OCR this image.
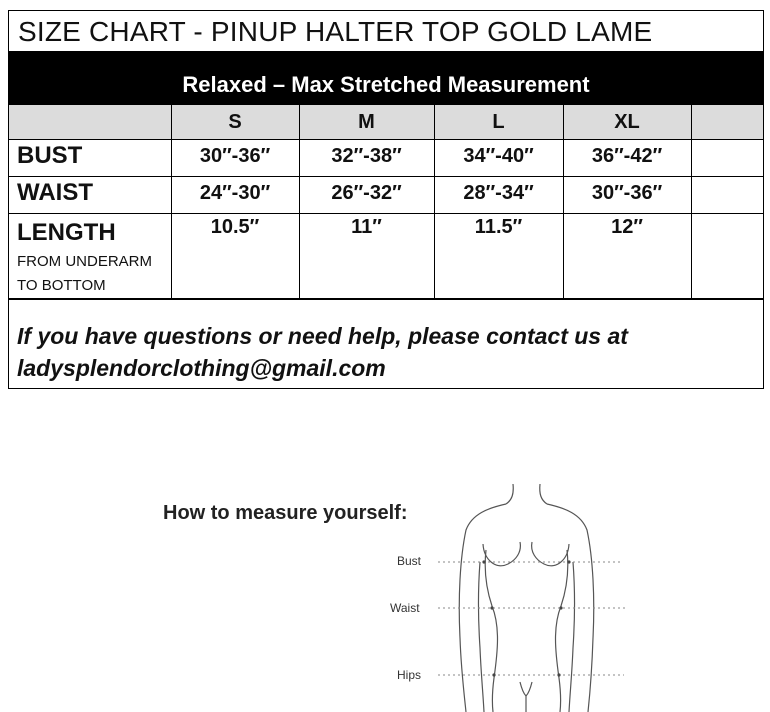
SIZE CHART - PINUP HALTER TOP GOLD LAME
Relaxed – Max Stretched Measurement
	S	M	L	XL	
BUST	30″-36″	32″-38″	34″-40″	36″-42″	
WAIST	24″-30″	26″-32″	28″-34″	30″-36″	

LENGTH
FROM UNDERARM
TO BOTTOM	10.5″	11″	11.5″	12″	
If you have questions or need help, please contact us at
ladysplendorclothing@gmail.com
How to measure yourself:
Bust
Waist
Hips
